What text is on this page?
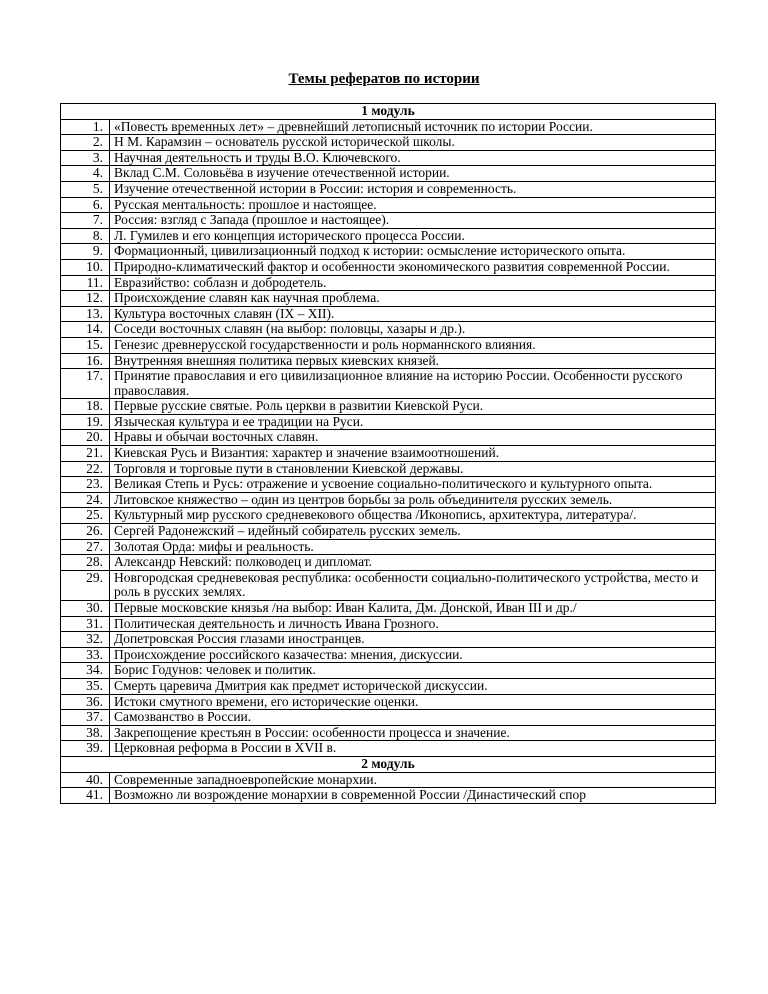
Темы рефератов по истории
1 модуль	
1.	«Повесть временных лет» – древнейший летописный источник по истории России.
2.	Н М. Карамзин – основатель русской исторической школы.
3.	Научная деятельность и труды В.О. Ключевского.
4.	Вклад С.М. Соловьёва в изучение отечественной истории.
5.	Изучение отечественной истории в России: история и современность.
6.	Русская ментальность: прошлое и настоящее.
7.	Россия: взгляд с Запада (прошлое и настоящее).
8.	Л. Гумилев и его концепция исторического процесса России.
9.	Формационный, цивилизационный подход к истории: осмысление исторического опыта.
10.	Природно-климатический фактор и особенности экономического развития современной России.
11.	Евразийство: соблазн и добродетель.
12.	Происхождение славян как научная проблема.
13.	Культура восточных славян (IX – XII).
14.	Соседи восточных славян (на выбор: половцы, хазары и др.).
15.	Генезис древнерусской государственности и роль норманнского влияния.
16.	Внутренняя внешняя политика первых киевских князей.
17.	Принятие православия и его цивилизационное влияние на историю России. Особенности русского православия.
18.	Первые русские святые. Роль церкви в развитии Киевской Руси.
19.	Языческая культура и ее традиции на Руси.
20.	Нравы и обычаи восточных славян.
21.	Киевская Русь и Византия: характер и значение взаимоотношений.
22.	Торговля и торговые пути в становлении Киевской державы.
23.	Великая Степь и Русь: отражение и усвоение социально-политического и культурного опыта.
24.	Литовское княжество – один из центров борьбы за роль объединителя русских земель.
25.	Культурный мир русского средневекового общества /Иконопись, архитектура, литература/.
26.	Сергей Радонежский – идейный собиратель русских земель.
27.	Золотая Орда: мифы и реальность.
28.	Александр Невский: полководец и дипломат.
29.	Новгородская средневековая республика: особенности социально-политического устройства, место и роль в русских землях.
30.	Первые московские князья /на выбор: Иван Калита, Дм. Донской, Иван III и др./
31.	Политическая деятельность и личность Ивана Грозного.
32.	Допетровская Россия глазами иностранцев.
33.	Происхождение российского казачества: мнения, дискуссии.
34.	Борис Годунов: человек и политик.
35.	Смерть царевича Дмитрия как предмет исторической дискуссии.
36.	Истоки смутного времени, его исторические оценки.
37.	Самозванство в России.
38.	Закрепощение крестьян в России: особенности процесса и значение.
39.	Церковная реформа в России в XVII в.
2 модуль	
40.	Современные западноевропейские монархии.
41.	Возможно ли возрождение монархии в современной России /Династический спор
